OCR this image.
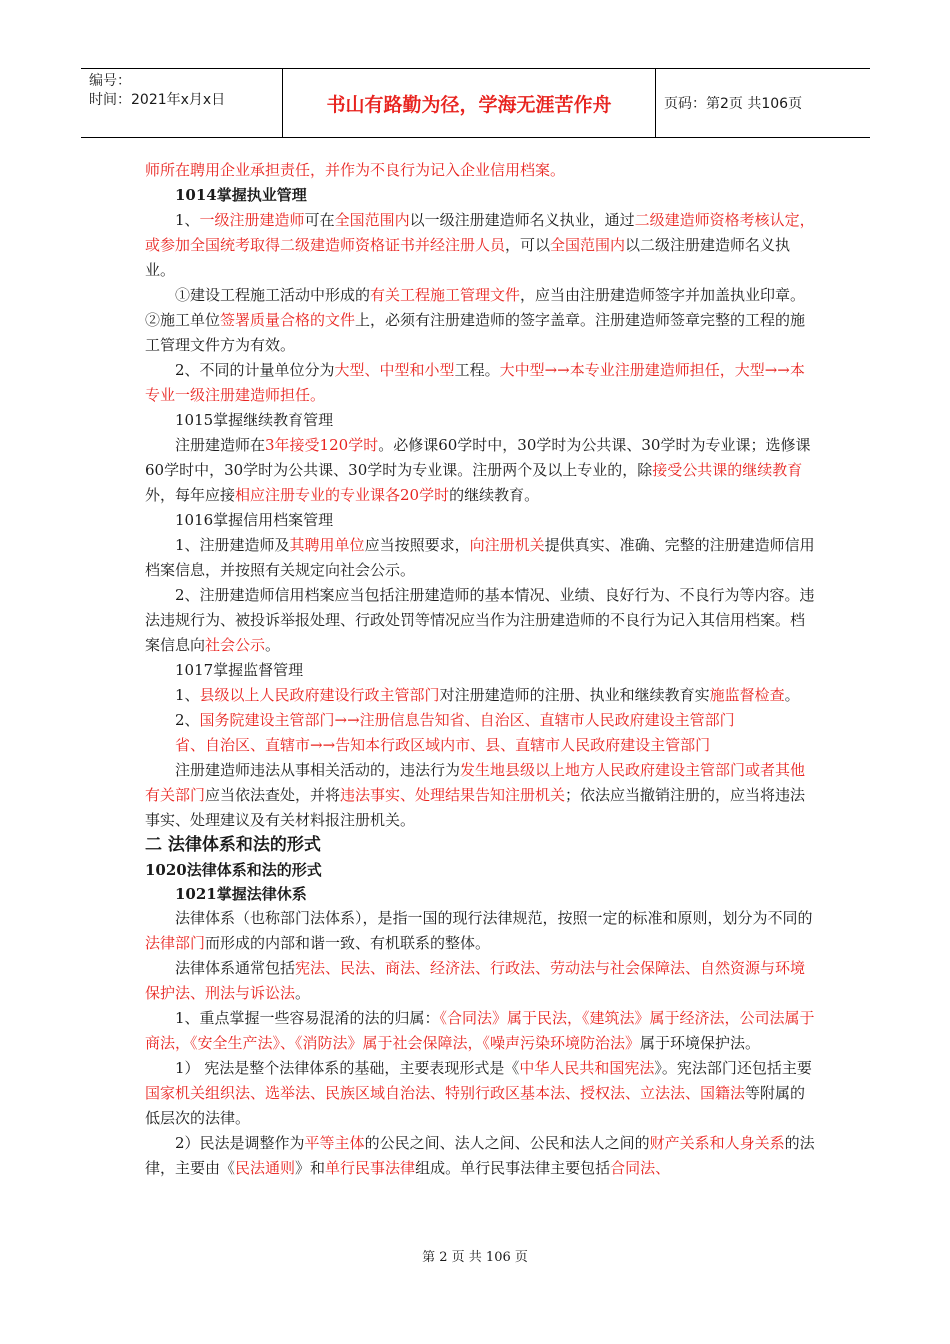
编号：
时间：2021年x月x日	书山有路勤为径，学海无涯苦作舟	页码：第2页 共106页

师所在聘用企业承担责任，并作为不良行为记入企业信用档案。

1014掌握执业管理

1、一级注册建造师可在全国范围内以一级注册建造师名义执业，通过二级建造师资格考核认定，或参加全国统考取得二级建造师资格证书并经注册人员，可以全国范围内以二级注册建造师名义执业。

①建设工程施工活动中形成的有关工程施工管理文件，应当由注册建造师签字并加盖执业印章。②施工单位签署质量合格的文件上，必须有注册建造师的签字盖章。注册建造师签章完整的工程的施工管理文件方为有效。

2、不同的计量单位分为大型、中型和小型工程。大中型→→本专业注册建造师担任，大型→→本专业一级注册建造师担任。

1015掌握继续教育管理

注册建造师在3年接受120学时。必修课60学时中，30学时为公共课、30学时为专业课；选修课60学时中，30学时为公共课、30学时为专业课。注册两个及以上专业的，除接受公共课的继续教育外，每年应接相应注册专业的专业课各20学时的继续教育。

1016掌握信用档案管理

1、注册建造师及其聘用单位应当按照要求，向注册机关提供真实、准确、完整的注册建造师信用档案信息，并按照有关规定向社会公示。

2、注册建造师信用档案应当包括注册建造师的基本情况、业绩、良好行为、不良行为等内容。违法违规行为、被投诉举报处理、行政处罚等情况应当作为注册建造师的不良行为记入其信用档案。档案信息向社会公示。

1017掌握监督管理

1、县级以上人民政府建设行政主管部门对注册建造师的注册、执业和继续教育实施监督检查。

2、国务院建设主管部门→→注册信息告知省、自治区、直辖市人民政府建设主管部门

省、自治区、直辖市→→告知本行政区域内市、县、直辖市人民政府建设主管部门

注册建造师违法从事相关活动的，违法行为发生地县级以上地方人民政府建设主管部门或者其他有关部门应当依法查处，并将违法事实、处理结果告知注册机关；依法应当撤销注册的，应当将违法事实、处理建议及有关材料报注册机关。

二 法律体系和法的形式

1020法律体系和法的形式

1021掌握法律休系

法律体系（也称部门法体系），是指一国的现行法律规范，按照一定的标准和原则，划分为不同的法律部门而形成的内部和谐一致、有机联系的整体。

法律体系通常包括宪法、民法、商法、经济法、行政法、劳动法与社会保障法、自然资源与环境保护法、刑法与诉讼法。

1、重点掌握一些容易混淆的法的归属：《合同法》属于民法，《建筑法》属于经济法，公司法属于商法，《安全生产法》、《消防法》属于社会保障法，《噪声污染环境防治法》属于环境保护法。

1） 宪法是整个法律体系的基础，主要表现形式是《中华人民共和国宪法》。宪法部门还包括主要国家机关组织法、选举法、民族区域自治法、特别行政区基本法、授权法、立法法、国籍法等附属的低层次的法律。

2）民法是调整作为平等主体的公民之间、法人之间、公民和法人之间的财产关系和人身关系的法律，主要由《民法通则》和单行民事法律组成。单行民事法律主要包括合同法、

第 2 页 共 106 页
